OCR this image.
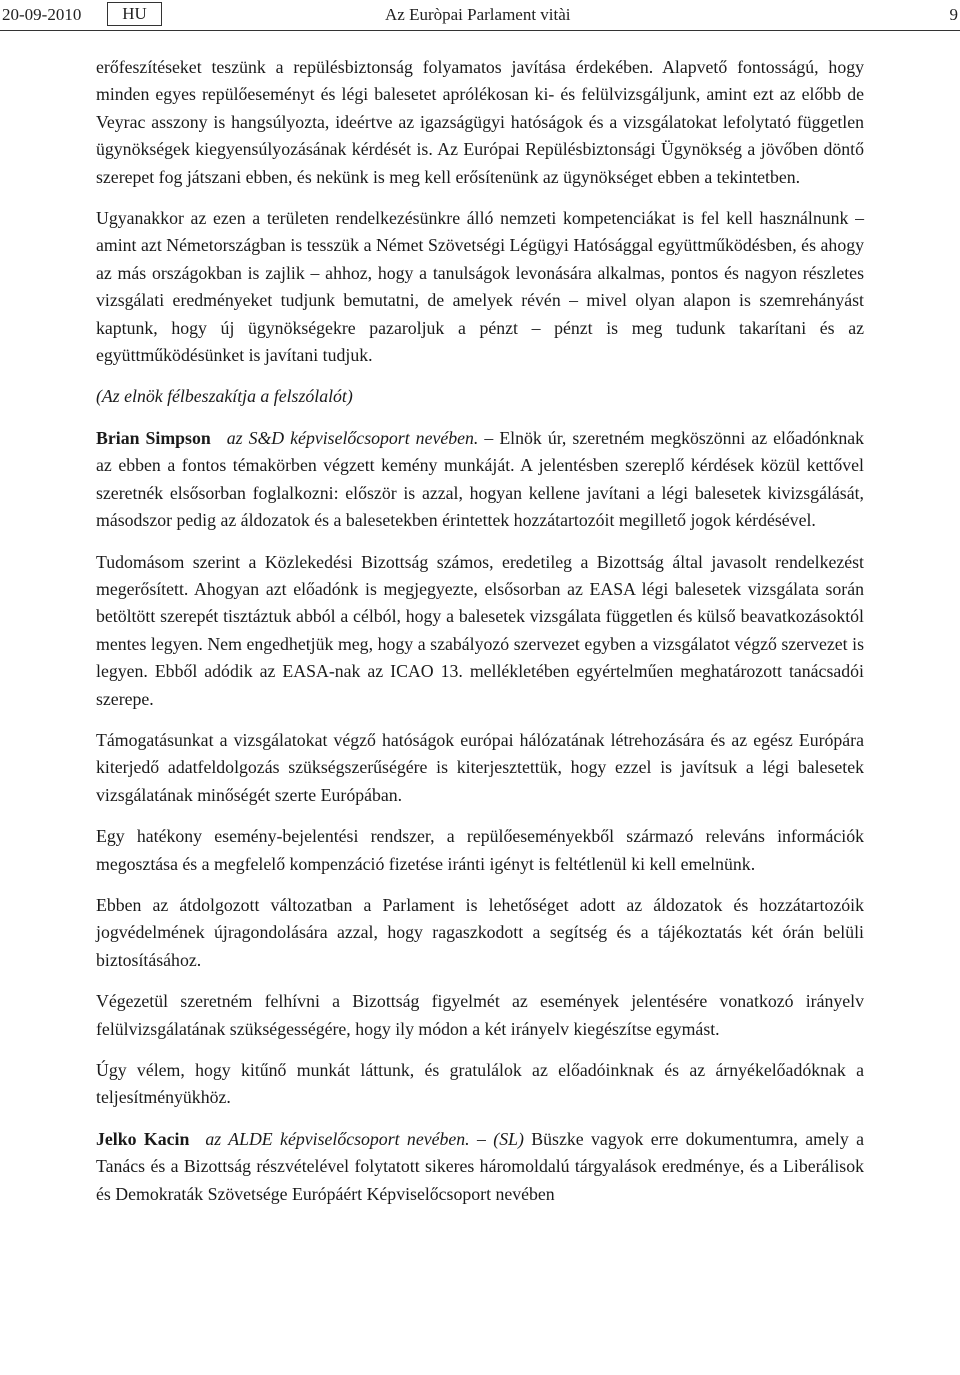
20-09-2010	HU	Az Euròpai Parlament vitài	9

erőfeszítéseket teszünk a repülésbiztonság folyamatos javítása érdekében. Alapvető fontosságú, hogy minden egyes repülőeseményt és légi balesetet aprólékosan ki- és felülvizsgáljunk, amint ezt az előbb de Veyrac asszony is hangsúlyozta, ideértve az igazságügyi hatóságok és a vizsgálatokat lefolytató független ügynökségek kiegyensúlyozásának kérdését is. Az Európai Repülésbiztonsági Ügynökség a jövőben döntő szerepet fog játszani ebben, és nekünk is meg kell erősítenünk az ügynökséget ebben a tekintetben.

Ugyanakkor az ezen a területen rendelkezésünkre álló nemzeti kompetenciákat is fel kell használnunk – amint azt Németországban is tesszük a Német Szövetségi Légügyi Hatósággal együttműködésben, és ahogy az más országokban is zajlik – ahhoz, hogy a tanulságok levonására alkalmas, pontos és nagyon részletes vizsgálati eredményeket tudjunk bemutatni, de amelyek révén – mivel olyan alapon is szemrehányást kaptunk, hogy új ügynökségekre pazaroljuk a pénzt – pénzt is meg tudunk takarítani és az együttműködésünket is javítani tudjuk.

(Az elnök félbeszakítja a felszólalót)

Brian Simpson az S&D képviselőcsoport nevében. – Elnök úr, szeretném megköszönni az előadónknak az ebben a fontos témakörben végzett kemény munkáját. A jelentésben szereplő kérdések közül kettővel szeretnék elsősorban foglalkozni: először is azzal, hogyan kellene javítani a légi balesetek kivizsgálását, másodszor pedig az áldozatok és a balesetekben érintettek hozzátartozóit megillető jogok kérdésével.

Tudomásom szerint a Közlekedési Bizottság számos, eredetileg a Bizottság által javasolt rendelkezést megerősített. Ahogyan azt előadónk is megjegyezte, elsősorban az EASA légi balesetek vizsgálata során betöltött szerepét tisztáztuk abból a célból, hogy a balesetek vizsgálata független és külső beavatkozásoktól mentes legyen. Nem engedhetjük meg, hogy a szabályozó szervezet egyben a vizsgálatot végző szervezet is legyen. Ebből adódik az EASA-nak az ICAO 13. mellékletében egyértelműen meghatározott tanácsadói szerepe.

Támogatásunkat a vizsgálatokat végző hatóságok európai hálózatának létrehozására és az egész Európára kiterjedő adatfeldolgozás szükségszerűségére is kiterjesztettük, hogy ezzel is javítsuk a légi balesetek vizsgálatának minőségét szerte Európában.

Egy hatékony esemény-bejelentési rendszer, a repülőeseményekből származó releváns információk megosztása és a megfelelő kompenzáció fizetése iránti igényt is feltétlenül ki kell emelnünk.

Ebben az átdolgozott változatban a Parlament is lehetőséget adott az áldozatok és hozzátartozóik jogvédelmének újragondolására azzal, hogy ragaszkodott a segítség és a tájékoztatás két órán belüli biztosításához.

Végezetül szeretném felhívni a Bizottság figyelmét az események jelentésére vonatkozó irányelv felülvizsgálatának szükségességére, hogy ily módon a két irányelv kiegészítse egymást.

Úgy vélem, hogy kitűnő munkát láttunk, és gratulálok az előadóinknak és az árnyékelőadóknak a teljesítményükhöz.

Jelko Kacin az ALDE képviselőcsoport nevében. – (SL) Büszke vagyok erre dokumentumra, amely a Tanács és a Bizottság részvételével folytatott sikeres háromoldalú tárgyalások eredménye, és a Liberálisok és Demokraták Szövetsége Európáért Képviselőcsoport nevében
